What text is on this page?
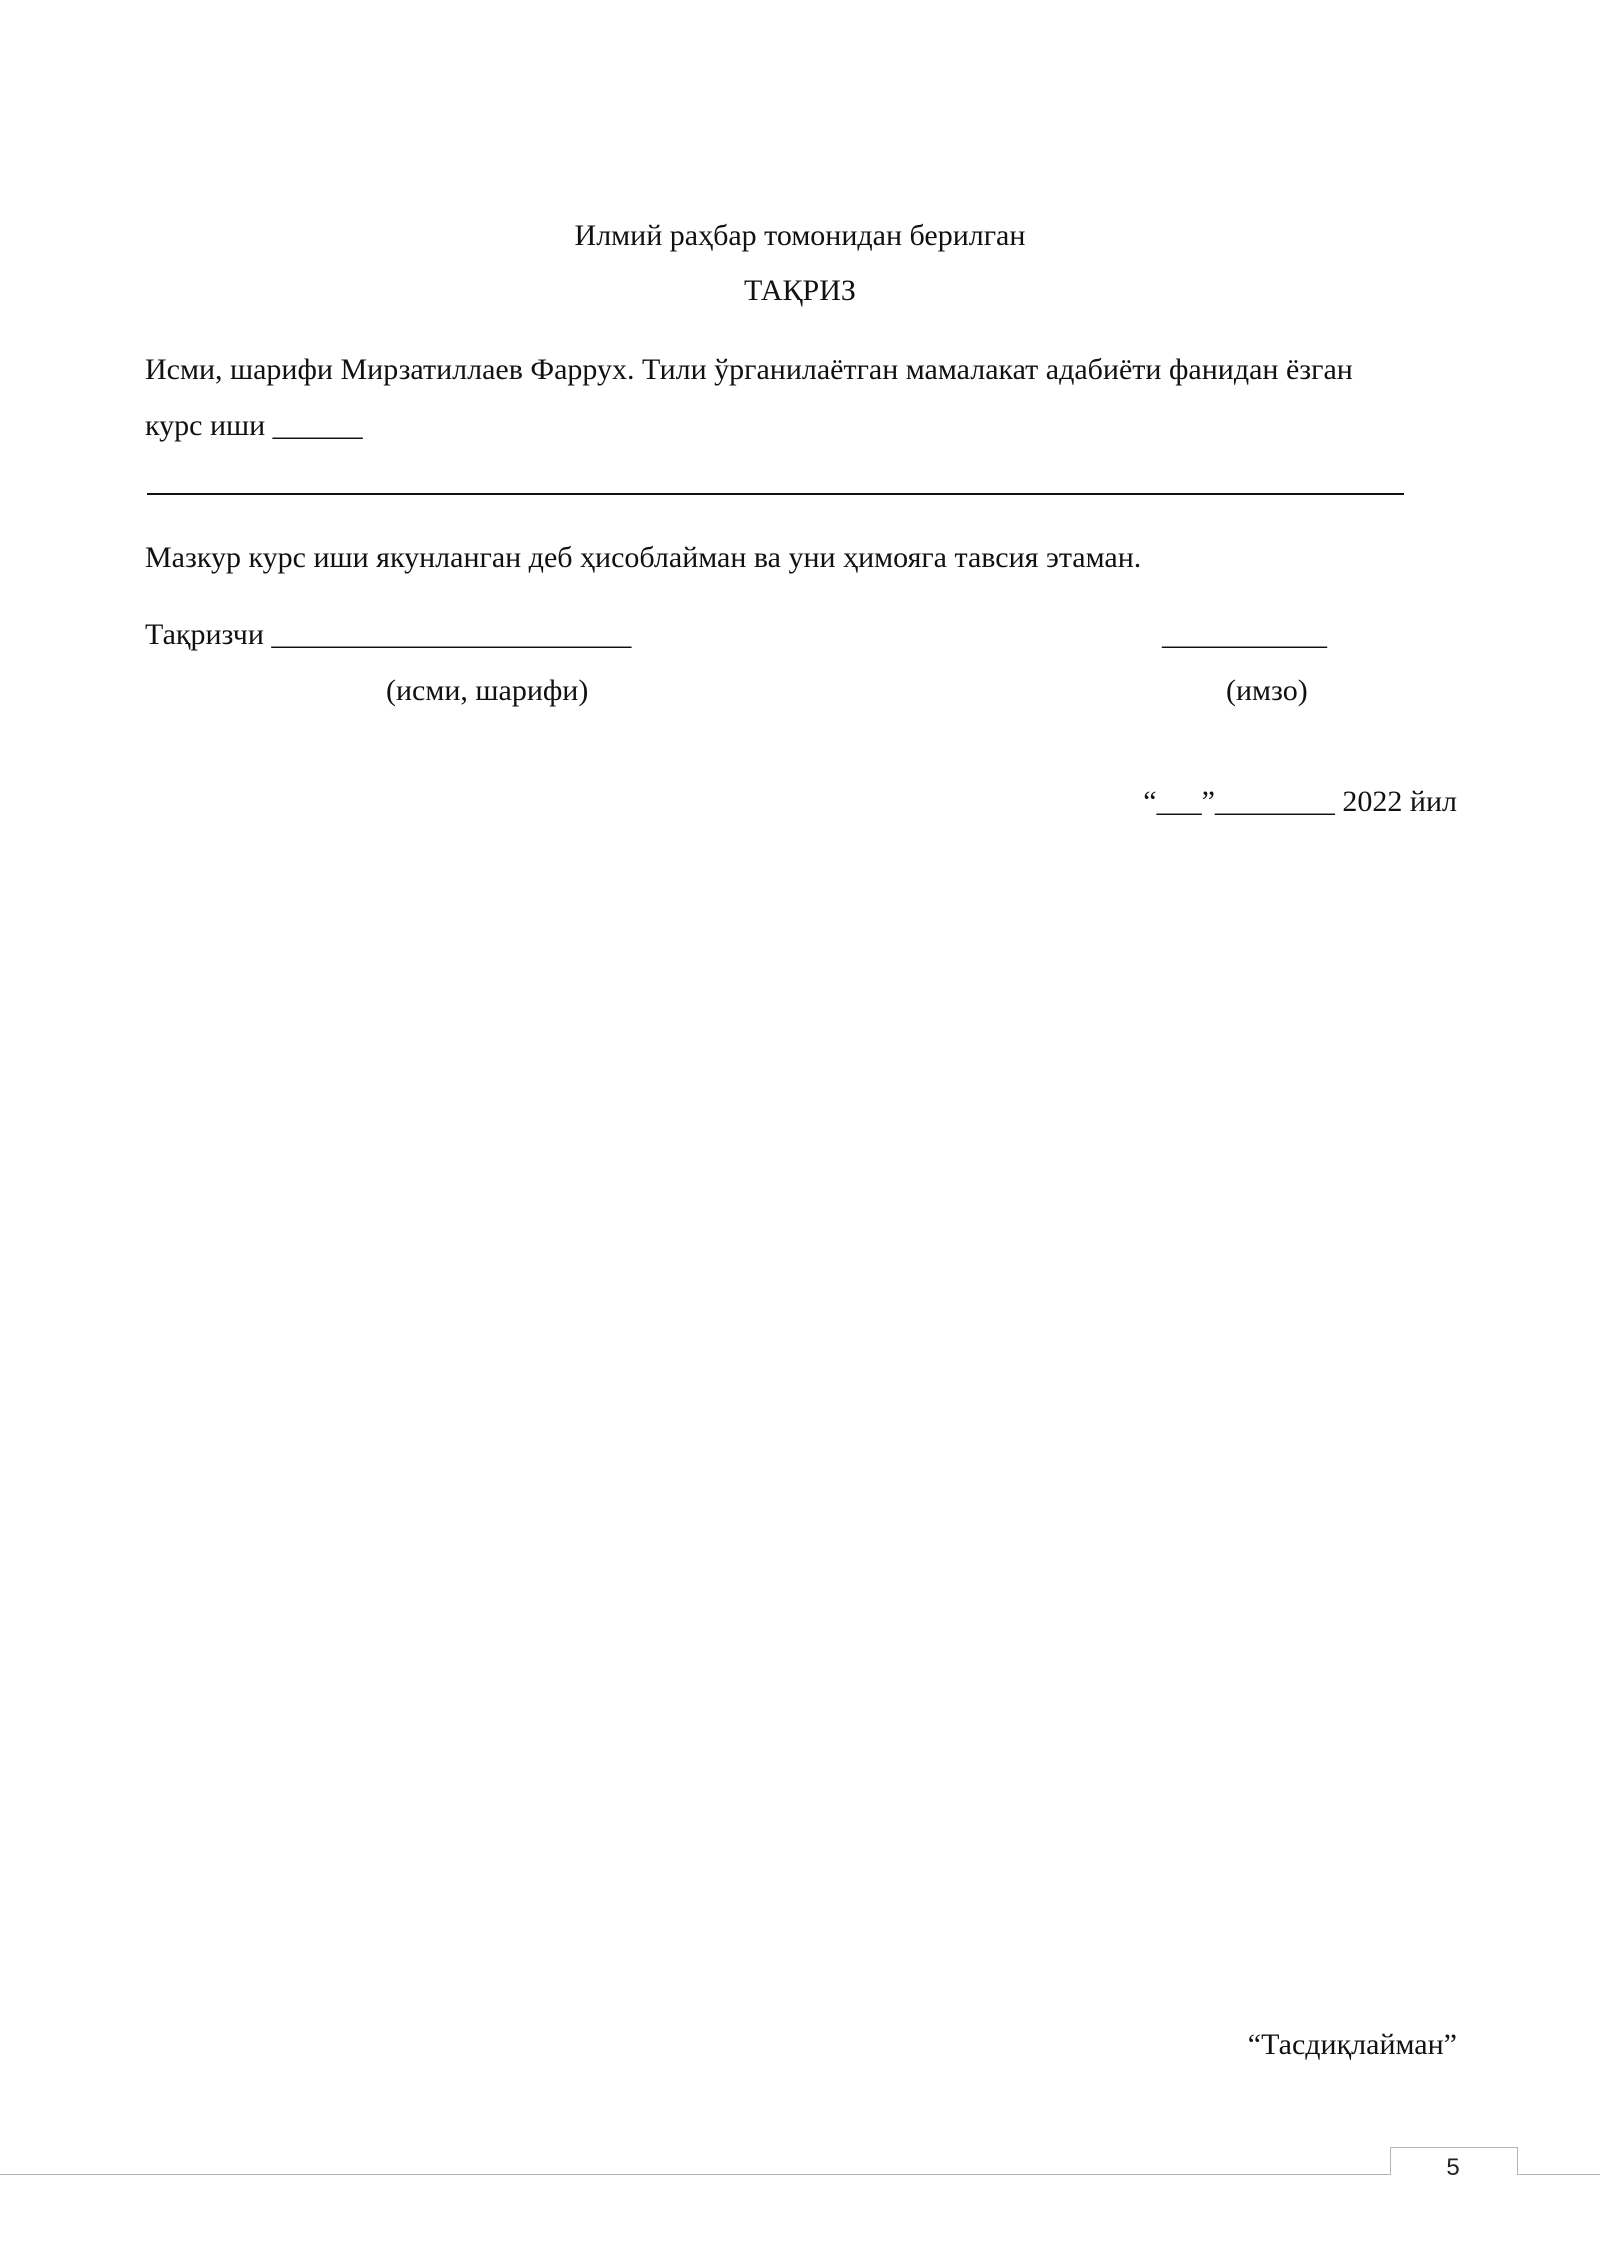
Илмий раҳбар томонидан берилган
ТАҚРИЗ
Исми, шарифи Мирзатиллаев Фаррух. Тили ўрганилаётган мамалакат адабиёти фанидан ёзган
курс иши ______
Мазкур курс иши якунланган деб ҳисоблайман ва уни ҳимояга тавсия этаман.
Тақризчи ________________________	___________
(исми, шарифи)	(имзо)
“___”________ 2022 йил
“Тасдиқлайман”
5
